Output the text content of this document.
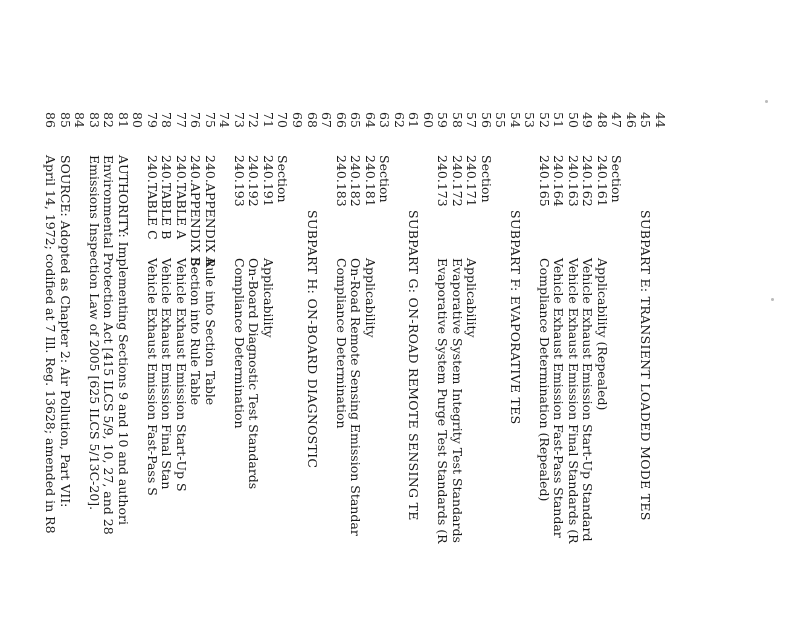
44
45
SUBPART E: TRANSIENT LOADED MODE TES
46
47
Section
48
240.161
Applicability (Repealed)
49
240.162
Vehicle Exhaust Emission Start-Up Standard
50
240.163
Vehicle Exhaust Emission Final Standards (R
51
240.164
Vehicle Exhaust Emission Fast-Pass Standar
52
240.165
Compliance Determination (Repealed)
53
54
SUBPART F: EVAPORATIVE TES
55
56
Section
57
240.171
Applicability
58
240.172
Evaporative System Integrity Test Standards
59
240.173
Evaporative System Purge Test Standards (R
60
61
SUBPART G: ON-ROAD REMOTE SENSING TE
62
63
Section
64
240.181
Applicability
65
240.182
On-Road Remote Sensing Emission Standar
66
240.183
Compliance Determination
67
68
SUBPART H: ON-BOARD DIAGNOSTIC
69
70
Section
71
240.191
Applicability
72
240.192
On-Board Diagnostic Test Standards
73
240.193
Compliance Determination
74
75
240.APPENDIX A
Rule into Section Table
76
240.APPENDIX B
Section into Rule Table
77
240.TABLE A
Vehicle Exhaust Emission Start-Up S
78
240.TABLE B
Vehicle Exhaust Emission Final Stan
79
240.TABLE C
Vehicle Exhaust Emission Fast-Pass S
80
81
AUTHORITY: Implementing Sections 9 and 10 and authori
82
Environmental Protection Act [415 ILCS 5/9, 10, 27, and 28
83
Emissions Inspection Law of 2005 [625 ILCS 5/13C-20].
84
85
SOURCE: Adopted as Chapter 2: Air Pollution, Part VII:
86
April 14, 1972; codified at 7 Ill. Reg. 13628; amended in R8
